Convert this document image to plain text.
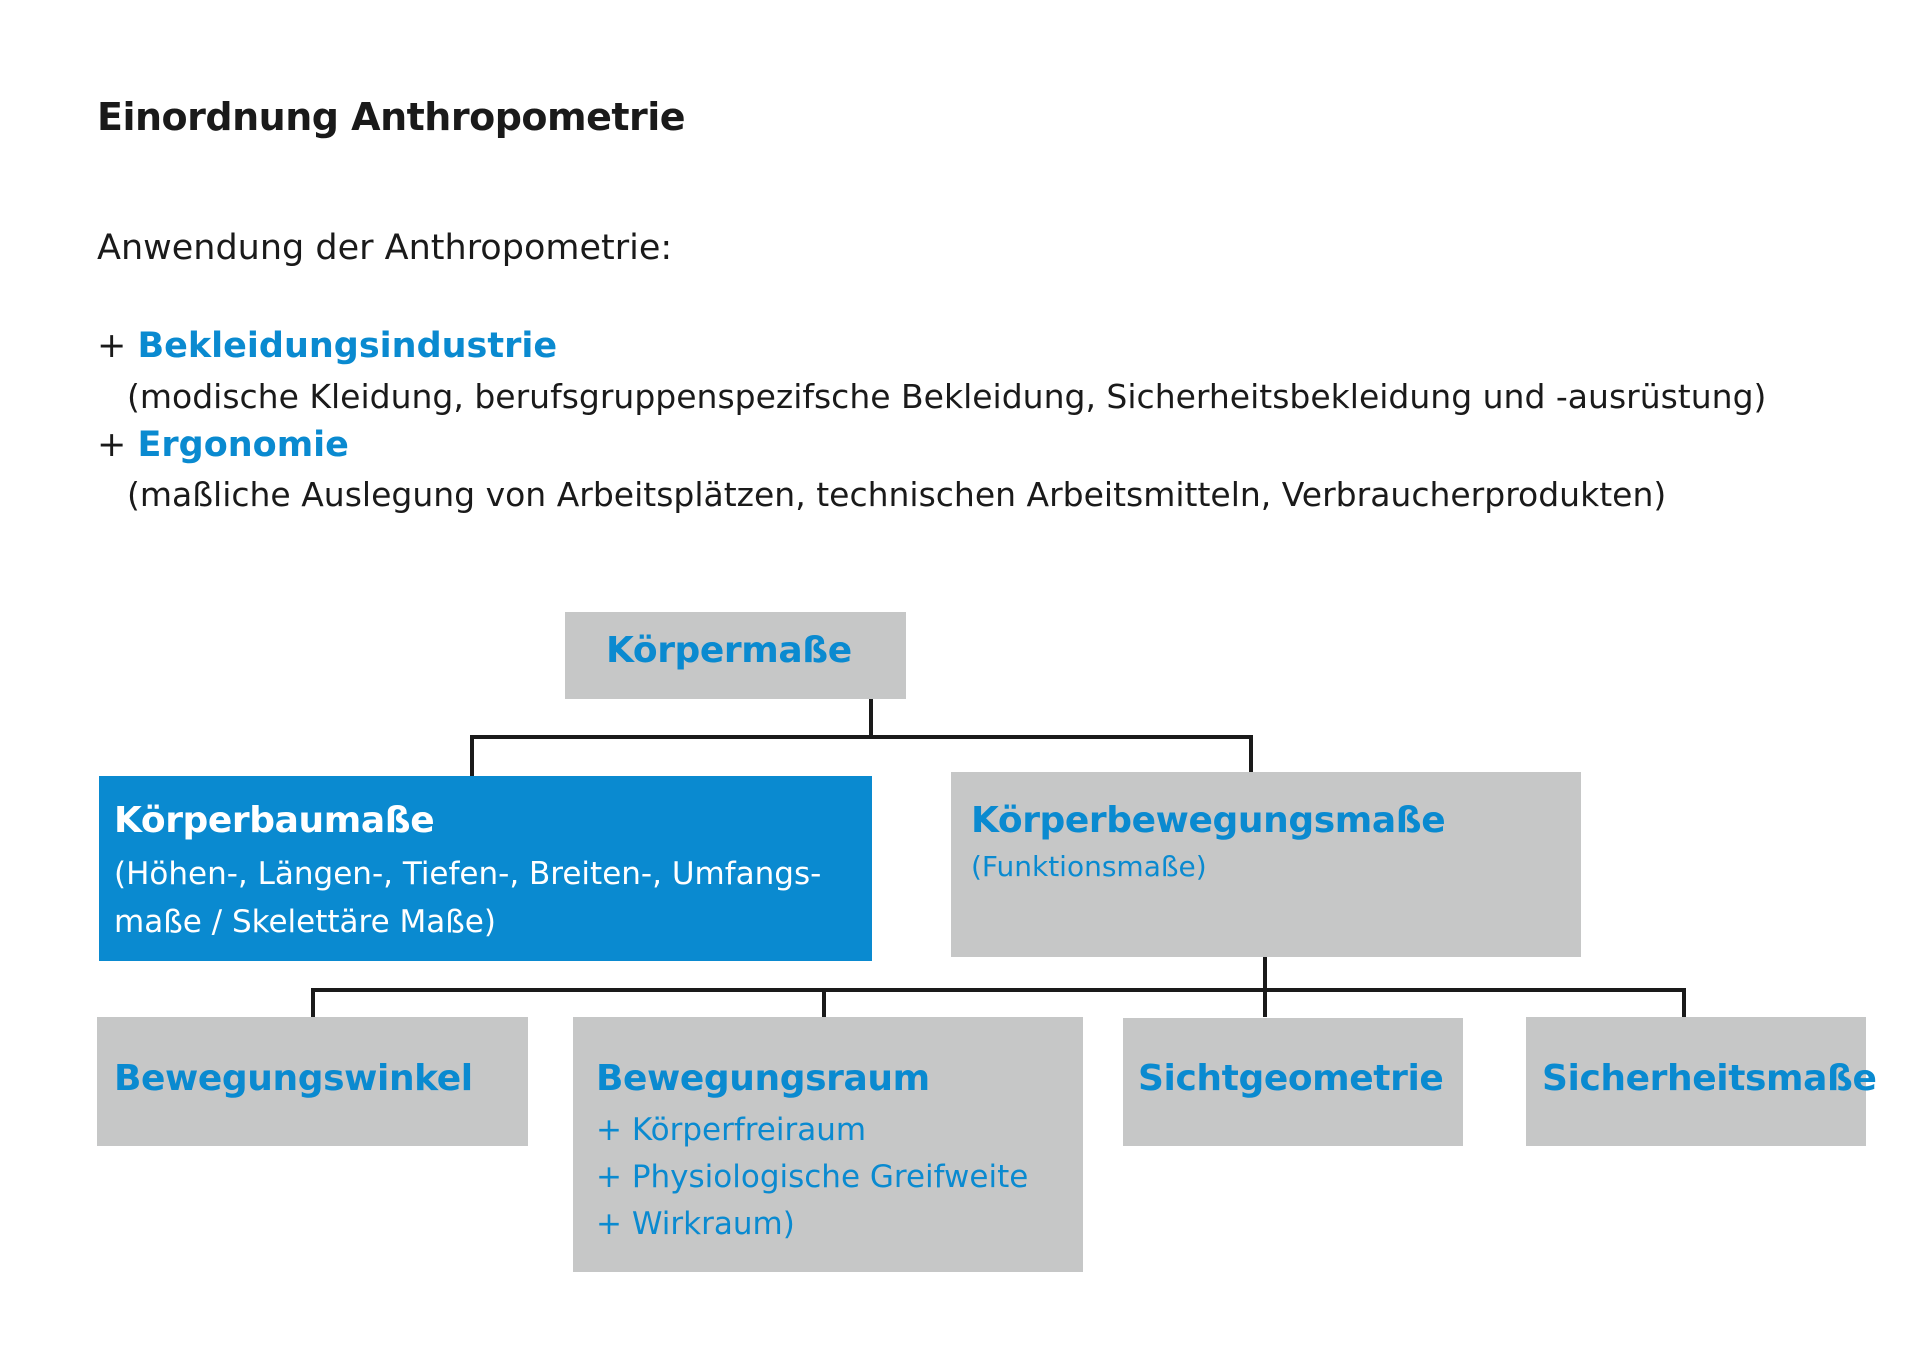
Einordnung Anthropometrie
Anwendung der Anthropometrie:
+ Bekleidungsindustrie
(modische Kleidung, berufsgruppenspezifsche Bekleidung, Sicherheitsbekleidung und -ausrüstung)
+ Ergonomie
(maßliche Auslegung von Arbeitsplätzen, technischen Arbeitsmitteln, Verbraucherprodukten)
Körpermaße
Körperbaumaße
(Höhen-, Längen-, Tiefen-, Breiten-, Umfangs-
maße / Skelettäre Maße)
Körperbewegungsmaße
(Funktionsmaße)
Bewegungswinkel	Bewegungsraum
+ Körperfreiraum
+ Physiologische Greifweite
+ Wirkraum)
Sichtgeometrie	Sicherheitsmaße
